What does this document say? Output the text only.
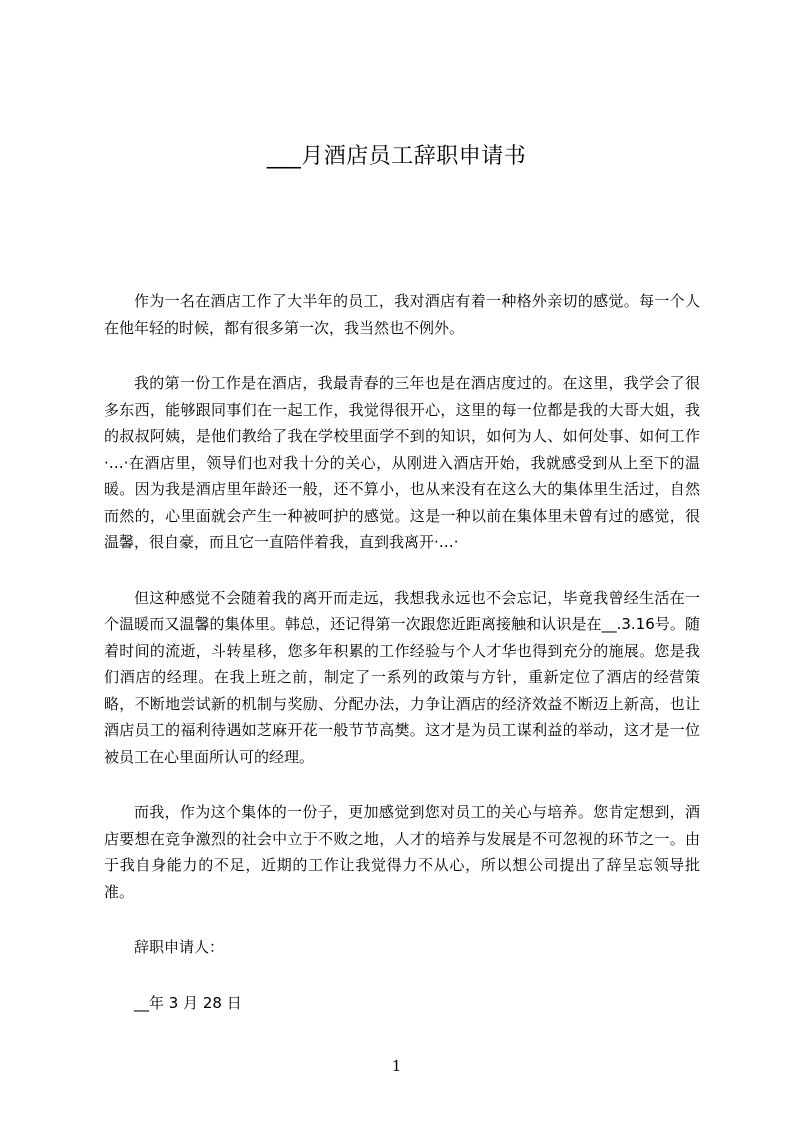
___月酒店员工辞职申请书

作为一名在酒店工作了大半年的员工，我对酒店有着一种格外亲切的感觉。每一个人在他年轻的时候，都有很多第一次，我当然也不例外。

我的第一份工作是在酒店，我最青春的三年也是在酒店度过的。在这里，我学会了很多东西，能够跟同事们在一起工作，我觉得很开心，这里的每一位都是我的大哥大姐，我的叔叔阿姨，是他们教给了我在学校里面学不到的知识，如何为人、如何处事、如何工作·…·在酒店里，领导们也对我十分的关心，从刚进入酒店开始，我就感受到从上至下的温暖。因为我是酒店里年龄还一般，还不算小，也从来没有在这么大的集体里生活过，自然而然的，心里面就会产生一种被呵护的感觉。这是一种以前在集体里未曾有过的感觉，很温馨，很自豪，而且它一直陪伴着我，直到我离开·…·

但这种感觉不会随着我的离开而走远，我想我永远也不会忘记，毕竟我曾经生活在一个温暖而又温馨的集体里。韩总，还记得第一次跟您近距离接触和认识是在__.3.16号。随着时间的流逝，斗转星移，您多年积累的工作经验与个人才华也得到充分的施展。您是我们酒店的经理。在我上班之前，制定了一系列的政策与方针，重新定位了酒店的经营策略，不断地尝试新的机制与奖励、分配办法，力争让酒店的经济效益不断迈上新高，也让酒店员工的福利待遇如芝麻开花一般节节高樊。这才是为员工谋利益的举动，这才是一位被员工在心里面所认可的经理。

而我，作为这个集体的一份子，更加感觉到您对员工的关心与培养。您肯定想到，酒店要想在竞争激烈的社会中立于不败之地，人才的培养与发展是不可忽视的环节之一。由于我自身能力的不足，近期的工作让我觉得力不从心，所以想公司提出了辞呈忘领导批准。

辞职申请人：

__年 3 月 28 日

1
